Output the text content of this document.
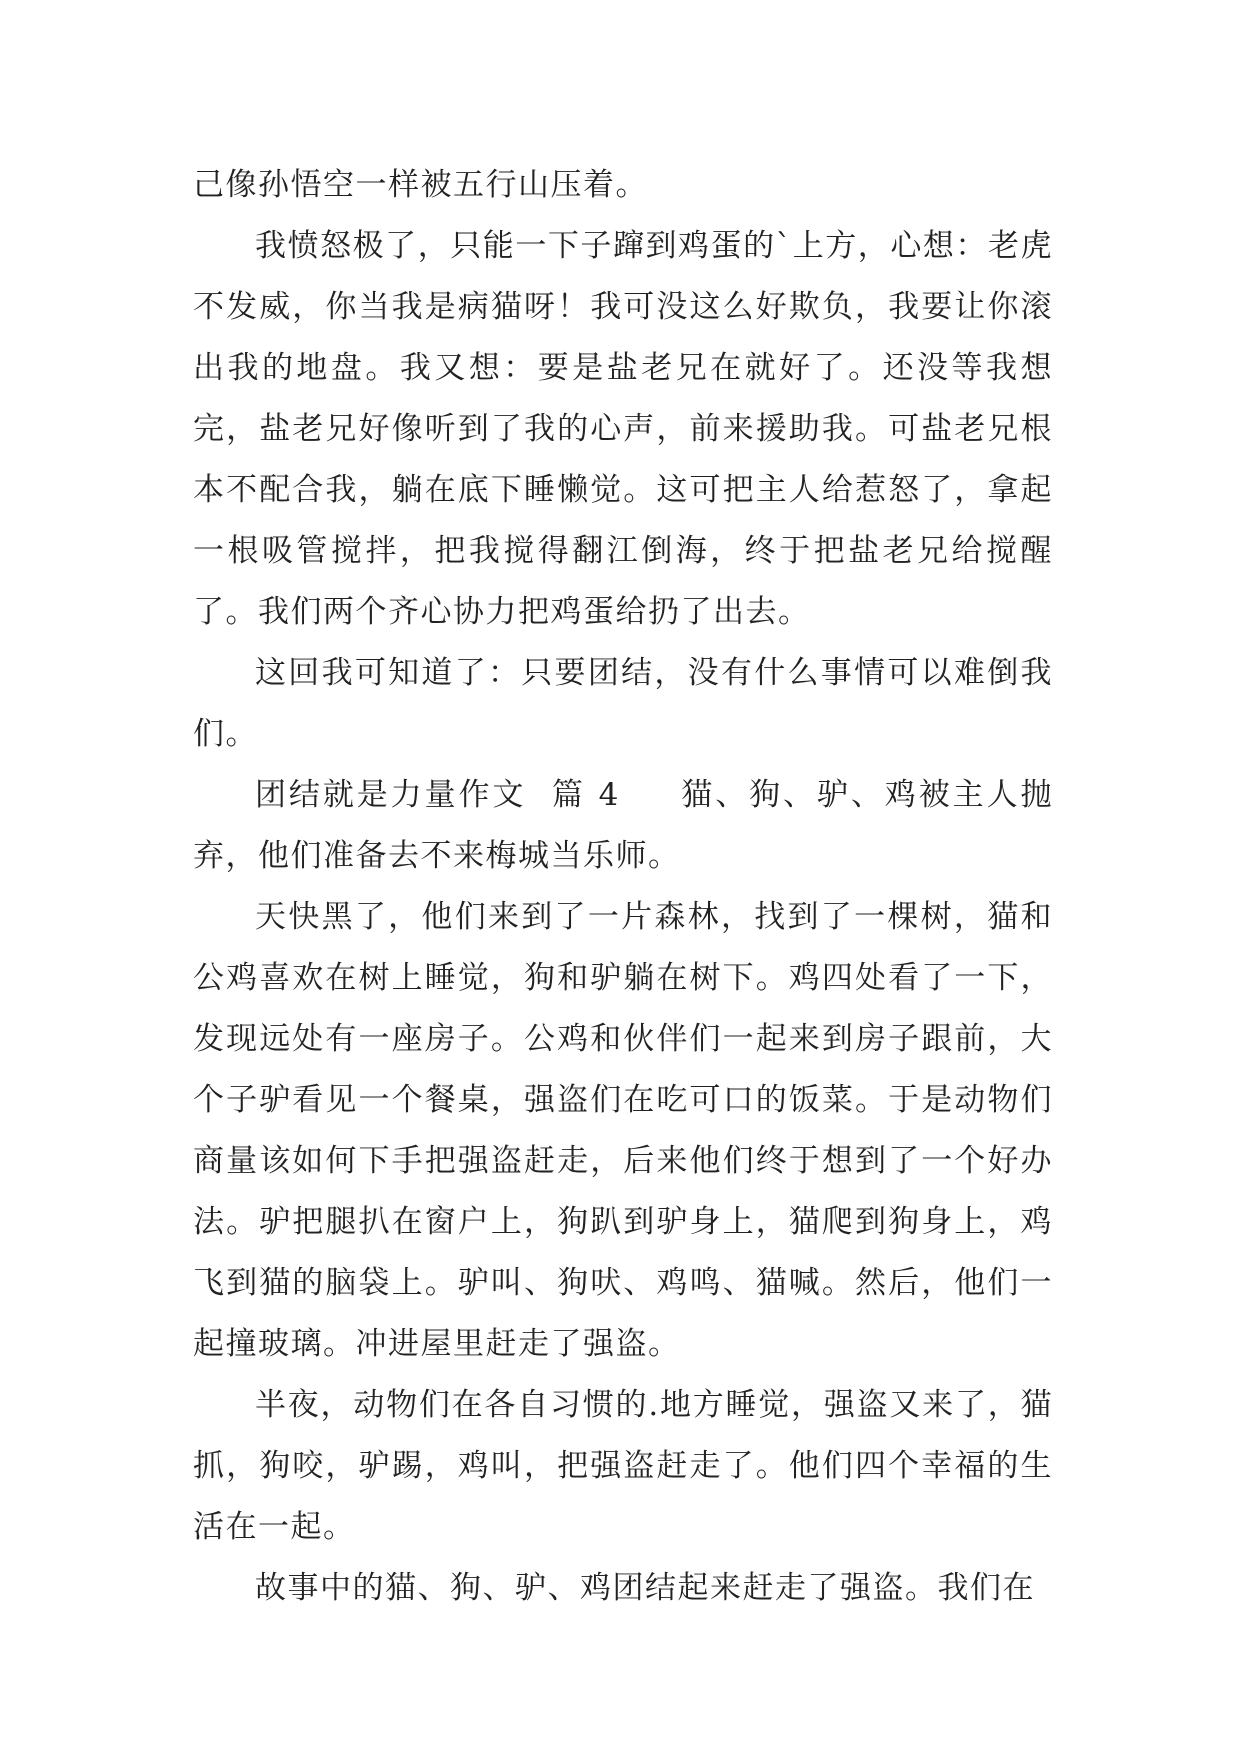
己像孙悟空一样被五行山压着。

我愤怒极了，只能一下子蹿到鸡蛋的`上方，心想：老虎不发威，你当我是病猫呀！我可没这么好欺负，我要让你滚出我的地盘。我又想：要是盐老兄在就好了。还没等我想完，盐老兄好像听到了我的心声，前来援助我。可盐老兄根本不配合我，躺在底下睡懒觉。这可把主人给惹怒了，拿起一根吸管搅拌，把我搅得翻江倒海，终于把盐老兄给搅醒了。我们两个齐心协力把鸡蛋给扔了出去。

这回我可知道了：只要团结，没有什么事情可以难倒我们。

团结就是力量作文 篇 4 猫、狗、驴、鸡被主人抛弃，他们准备去不来梅城当乐师。

天快黑了，他们来到了一片森林，找到了一棵树，猫和公鸡喜欢在树上睡觉，狗和驴躺在树下。鸡四处看了一下，发现远处有一座房子。公鸡和伙伴们一起来到房子跟前，大个子驴看见一个餐桌，强盗们在吃可口的饭菜。于是动物们商量该如何下手把强盗赶走，后来他们终于想到了一个好办法。驴把腿扒在窗户上，狗趴到驴身上，猫爬到狗身上，鸡飞到猫的脑袋上。驴叫、狗吠、鸡鸣、猫喊。然后，他们一起撞玻璃。冲进屋里赶走了强盗。

半夜，动物们在各自习惯的.地方睡觉，强盗又来了，猫抓，狗咬，驴踢，鸡叫，把强盗赶走了。他们四个幸福的生活在一起。

故事中的猫、狗、驴、鸡团结起来赶走了强盗。我们在
